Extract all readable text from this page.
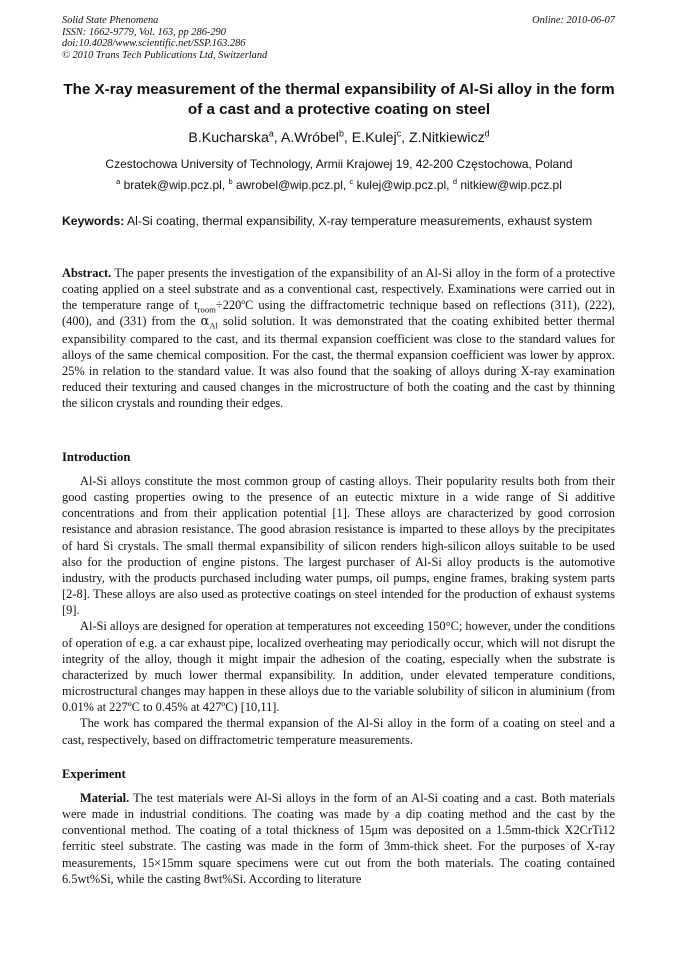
Solid State Phenomena
ISSN: 1662-9779, Vol. 163, pp 286-290
doi:10.4028/www.scientific.net/SSP.163.286
© 2010 Trans Tech Publications Ltd, Switzerland
Online: 2010-06-07
The X-ray measurement of the thermal expansibility of Al-Si alloy in the form of a cast and a protective coating on steel
B.Kucharska$^a$, A.Wróbel$^b$, E.Kulej$^c$, Z.Nitkiewicz$^d$
Czestochowa University of Technology, Armii Krajowej 19, 42-200 Częstochowa, Poland
$^a$ bratek@wip.pcz.pl, $^b$ awrobel@wip.pcz.pl, $^c$ kulej@wip.pcz.pl, $^d$ nitkiew@wip.pcz.pl
Keywords: Al-Si coating, thermal expansibility, X-ray temperature measurements, exhaust system

Abstract. The paper presents the investigation of the expansibility of an Al-Si alloy in the form of a protective coating applied on a steel substrate and as a conventional cast, respectively. Examinations were carried out in the temperature range of $t_{room}\div 220ºC$ using the diffractometric technique based on reflections (311), (222), (400), and (331) from the $\alpha_{Al}$ solid solution. It was demonstrated that the coating exhibited better thermal expansibility compared to the cast, and its thermal expansion coefficient was close to the standard values for alloys of the same chemical composition. For the cast, the thermal expansion coefficient was lower by approx. 25% in relation to the standard value. It was also found that the soaking of alloys during X-ray examination reduced their texturing and caused changes in the microstructure of both the coating and the cast by thinning the silicon crystals and rounding their edges.

Introduction

Al-Si alloys constitute the most common group of casting alloys. Their popularity results both from their good casting properties owing to the presence of an eutectic mixture in a wide range of Si additive concentrations and from their application potential [1]. These alloys are characterized by good corrosion resistance and abrasion resistance. The good abrasion resistance is imparted to these alloys by the precipitates of hard Si crystals. The small thermal expansibility of silicon renders high-silicon alloys suitable to be used also for the production of engine pistons. The largest purchaser of Al-Si alloy products is the automotive industry, with the products purchased including water pumps, oil pumps, engine frames, braking system parts [2-8]. These alloys are also used as protective coatings on steel intended for the production of exhaust systems [9].

Al-Si alloys are designed for operation at temperatures not exceeding 150°C; however, under the conditions of operation of e.g. a car exhaust pipe, localized overheating may periodically occur, which will not disrupt the integrity of the alloy, though it might impair the adhesion of the coating, especially when the substrate is characterized by much lower thermal expansibility. In addition, under elevated temperature conditions, microstructural changes may happen in these alloys due to the variable solubility of silicon in aluminium (from 0.01% at 227ºC to 0.45% at 427ºC) [10,11].

The work has compared the thermal expansion of the Al-Si alloy in the form of a coating on steel and a cast, respectively, based on diffractometric temperature measurements.

Experiment

Material. The test materials were Al-Si alloys in the form of an Al-Si coating and a cast. Both materials were made in industrial conditions. The coating was made by a dip coating method and the cast by the conventional method. The coating of a total thickness of 15μm was deposited on a 1.5mm-thick X2CrTi12 ferritic steel substrate. The casting was made in the form of 3mm-thick sheet. For the purposes of X-ray measurements, 15×15mm square specimens were cut out from the both materials. The coating contained 6.5wt%Si, while the casting 8wt%Si. According to literature
